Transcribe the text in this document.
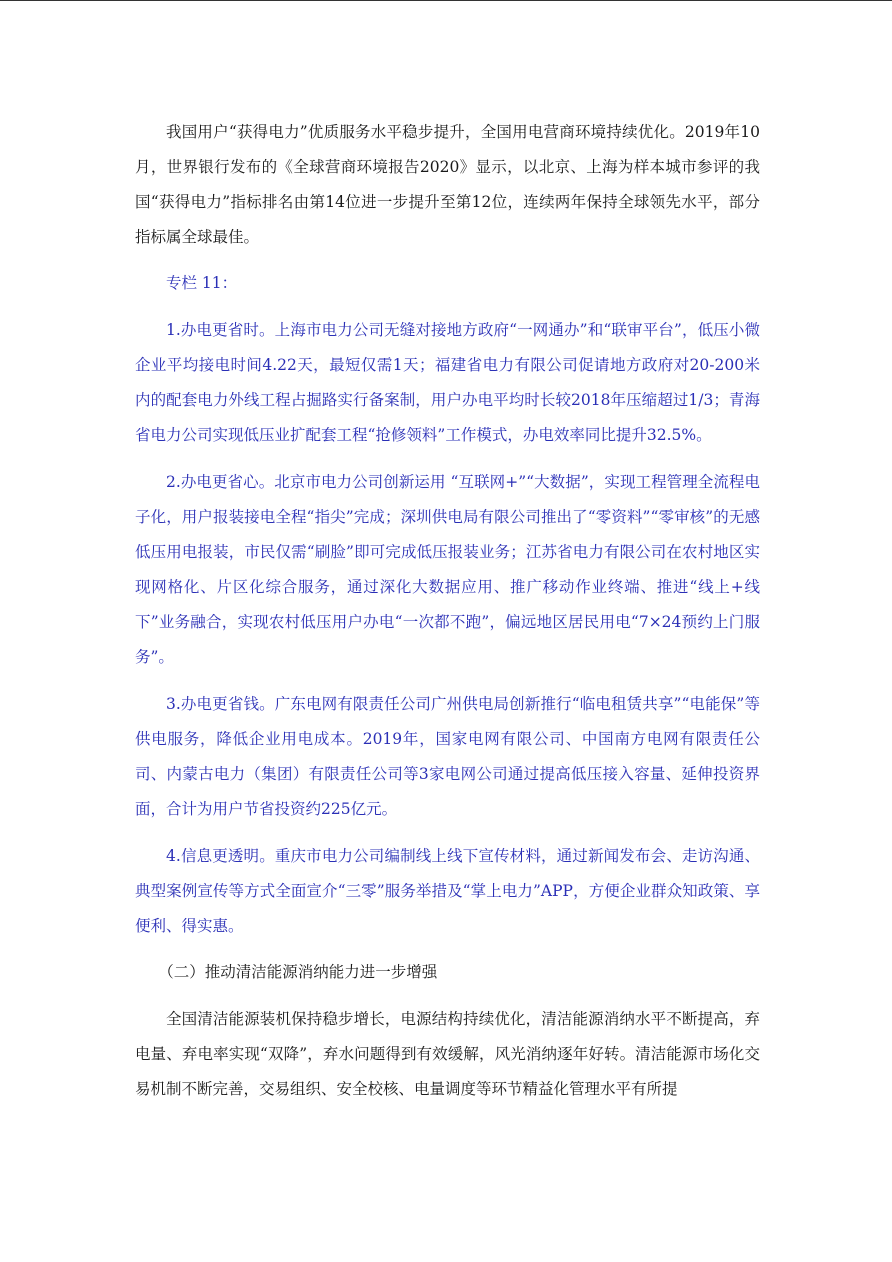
我国用户“获得电力”优质服务水平稳步提升，全国用电营商环境持续优化。2019年10月，世界银行发布的《全球营商环境报告2020》显示，以北京、上海为样本城市参评的我国“获得电力”指标排名由第14位进一步提升至第12位，连续两年保持全球领先水平，部分指标属全球最佳。

专栏 11：

1.办电更省时。上海市电力公司无缝对接地方政府“一网通办”和“联审平台”，低压小微企业平均接电时间4.22天，最短仅需1天；福建省电力有限公司促请地方政府对20-200米内的配套电力外线工程占掘路实行备案制，用户办电平均时长较2018年压缩超过1/3；青海省电力公司实现低压业扩配套工程“抢修领料”工作模式，办电效率同比提升32.5%。

2.办电更省心。北京市电力公司创新运用 “互联网+”“大数据”，实现工程管理全流程电子化，用户报装接电全程“指尖”完成；深圳供电局有限公司推出了“零资料”“零审核”的无感低压用电报装，市民仅需“刷脸”即可完成低压报装业务；江苏省电力有限公司在农村地区实现网格化、片区化综合服务，通过深化大数据应用、推广移动作业终端、推进“线上+线下”业务融合，实现农村低压用户办电“一次都不跑”，偏远地区居民用电“7×24预约上门服务”。

3.办电更省钱。广东电网有限责任公司广州供电局创新推行“临电租赁共享”“电能保”等供电服务，降低企业用电成本。2019年，国家电网有限公司、中国南方电网有限责任公司、内蒙古电力（集团）有限责任公司等3家电网公司通过提高低压接入容量、延伸投资界面，合计为用户节省投资约225亿元。

4.信息更透明。重庆市电力公司编制线上线下宣传材料，通过新闻发布会、走访沟通、典型案例宣传等方式全面宣介“三零”服务举措及“掌上电力”APP，方便企业群众知政策、享便利、得实惠。

（二）推动清洁能源消纳能力进一步增强

全国清洁能源装机保持稳步增长，电源结构持续优化，清洁能源消纳水平不断提高，弃电量、弃电率实现“双降”，弃水问题得到有效缓解，风光消纳逐年好转。清洁能源市场化交易机制不断完善，交易组织、安全校核、电量调度等环节精益化管理水平有所提
